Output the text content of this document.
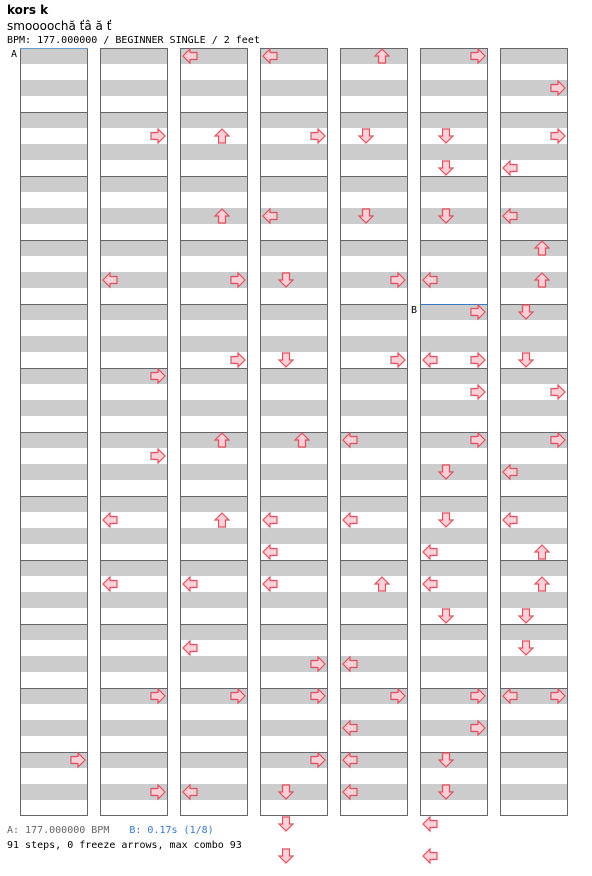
kors k
smoooochă ťâ ă ť
BPM: 177.000000 / BEGINNER SINGLE / 2 feet
A
B
A: 177.000000 BPM B: 0.17s (1/8)
91 steps, 0 freeze arrows, max combo 93
